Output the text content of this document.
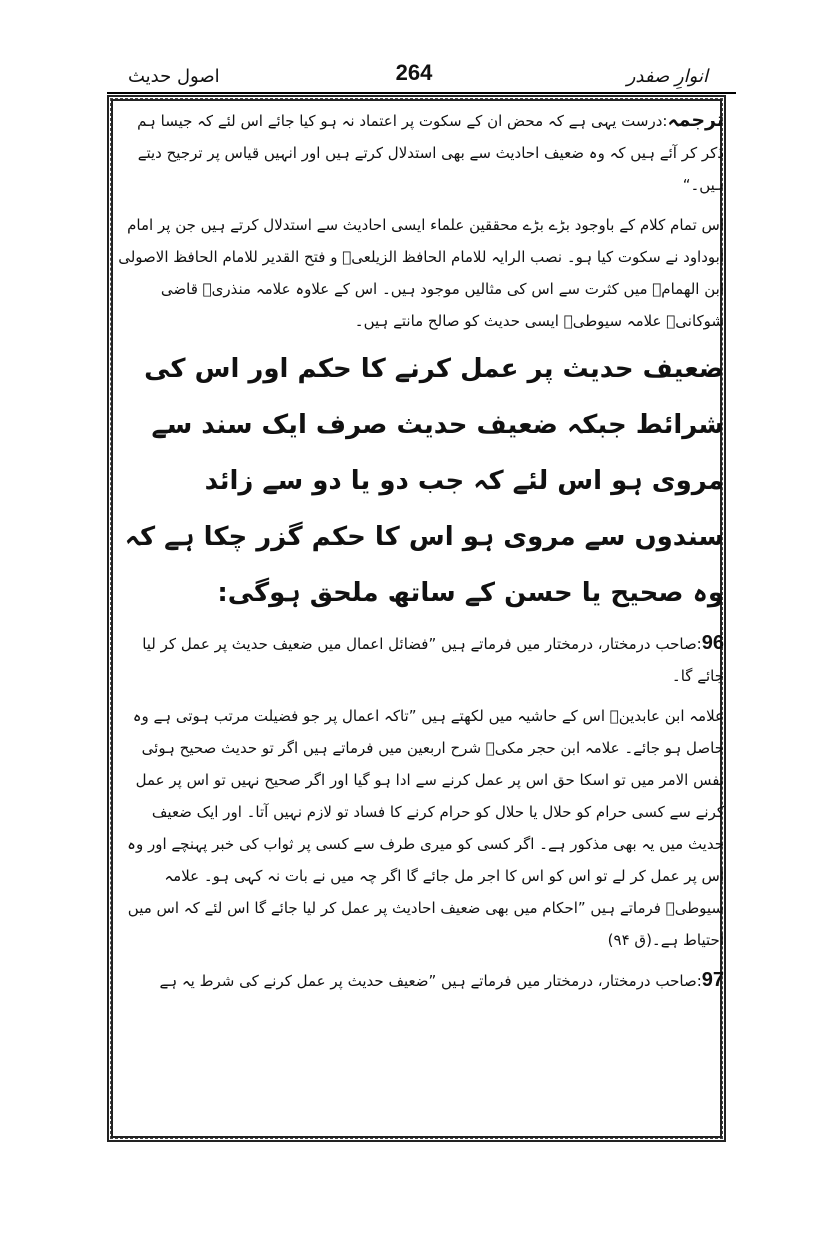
انوارِ صفدر
264
اصول حدیث

ترجمہ:درست یہی ہے کہ محض ان کے سکوت پر اعتماد نہ ہو کیا جائے اس لئے کہ جیسا ہم ذکر کر آئے ہیں کہ وہ ضعیف احادیث سے بھی استدلال کرتے ہیں اور انہیں قیاس پر ترجیح دیتے ہیں۔“

اس تمام کلام کے باوجود بڑے بڑے محققین علماء ایسی احادیث سے استدلال کرتے ہیں جن پر امام ابوداود نے سکوت کیا ہو۔ نصب الرایہ للامام الحافظ الزیلعیؒ و فتح القدیر للامام الحافظ الاصولی ابن الھمامؒ میں کثرت سے اس کی مثالیں موجود ہیں۔ اس کے علاوہ علامہ منذریؒ قاضی شوکانیؒ علامہ سیوطیؒ ایسی حدیث کو صالح مانتے ہیں۔

ضعیف حدیث پر عمل کرنے کا حکم اور اس کی شرائط جبکہ ضعیف حدیث صرف ایک سند سے مروی ہو اس لئے کہ جب دو یا دو سے زائد سندوں سے مروی ہو اس کا حکم گزر چکا ہے کہ وہ صحیح یا حسن کے ساتھ ملحق ہوگی:

96:صاحب درمختار، درمختار میں فرماتے ہیں ”فضائل اعمال میں ضعیف حدیث پر عمل کر لیا جائے گا۔

علامہ ابن عابدینؒ اس کے حاشیہ میں لکھتے ہیں ”تاکہ اعمال پر جو فضیلت مرتب ہوتی ہے وہ حاصل ہو جائے۔ علامہ ابن حجر مکیؒ شرح اربعین میں فرماتے ہیں اگر تو حدیث صحیح ہوئی نفس الامر میں تو اسکا حق اس پر عمل کرنے سے ادا ہو گیا اور اگر صحیح نہیں تو اس پر عمل کرنے سے کسی حرام کو حلال یا حلال کو حرام کرنے کا فساد تو لازم نہیں آتا۔ اور ایک ضعیف حدیث میں یہ بھی مذکور ہے۔ اگر کسی کو میری طرف سے کسی پر ثواب کی خبر پہنچے اور وہ اس پر عمل کر لے تو اس کو اس کا اجر مل جائے گا اگر چہ میں نے بات نہ کہی ہو۔ علامہ سیوطیؒ فرماتے ہیں ”احکام میں بھی ضعیف احادیث پر عمل کر لیا جائے گا اس لئے کہ اس میں احتیاط ہے۔(ق ۹۴)

97:صاحب درمختار، درمختار میں فرماتے ہیں ”ضعیف حدیث پر عمل کرنے کی شرط یہ ہے
